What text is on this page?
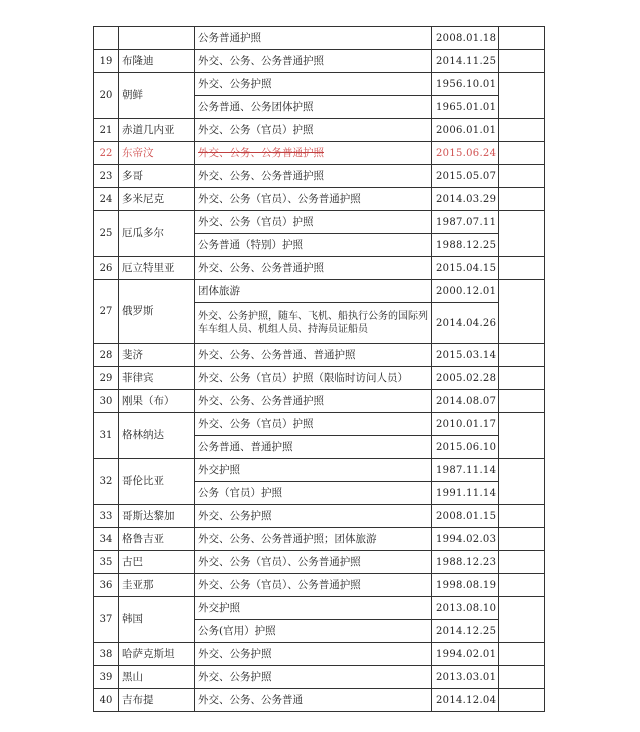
		公务普通护照	2008.01.18	
19	布隆迪	外交、公务、公务普通护照	2014.11.25	
20	朝鲜	外交、公务护照	1956.10.01	
		公务普通、公务团体护照	1965.01.01	
21	赤道几内亚	外交、公务（官员）护照	2006.01.01	
22	东帝汶	外交、公务、公务普通护照	2015.06.24	
23	多哥	外交、公务、公务普通护照	2015.05.07	
24	多米尼克	外交、公务（官员）、公务普通护照	2014.03.29	
25	厄瓜多尔	外交、公务（官员）护照	1987.07.11	
		公务普通（特别）护照	1988.12.25	
26	厄立特里亚	外交、公务、公务普通护照	2015.04.15	
27	俄罗斯	团体旅游	2000.12.01	
		外交、公务护照，随车、飞机、船执行公务的国际列车车组人员、机组人员、持海员证船员	2014.04.26	
28	斐济	外交、公务、公务普通、普通护照	2015.03.14	
29	菲律宾	外交、公务（官员）护照（限临时访问人员）	2005.02.28	
30	刚果（布）	外交、公务、公务普通护照	2014.08.07	
31	格林纳达	外交、公务（官员）护照	2010.01.17	
		公务普通、普通护照	2015.06.10	
32	哥伦比亚	外交护照	1987.11.14	
		公务（官员）护照	1991.11.14	
33	哥斯达黎加	外交、公务护照	2008.01.15	
34	格鲁吉亚	外交、公务、公务普通护照；团体旅游	1994.02.03	
35	古巴	外交、公务（官员）、公务普通护照	1988.12.23	
36	圭亚那	外交、公务（官员）、公务普通护照	1998.08.19	
37	韩国	外交护照	2013.08.10	
		公务(官用）护照	2014.12.25	
38	哈萨克斯坦	外交、公务护照	1994.02.01	
39	黑山	外交、公务护照	2013.03.01	
40	吉布提	外交、公务、公务普通	2014.12.04	
